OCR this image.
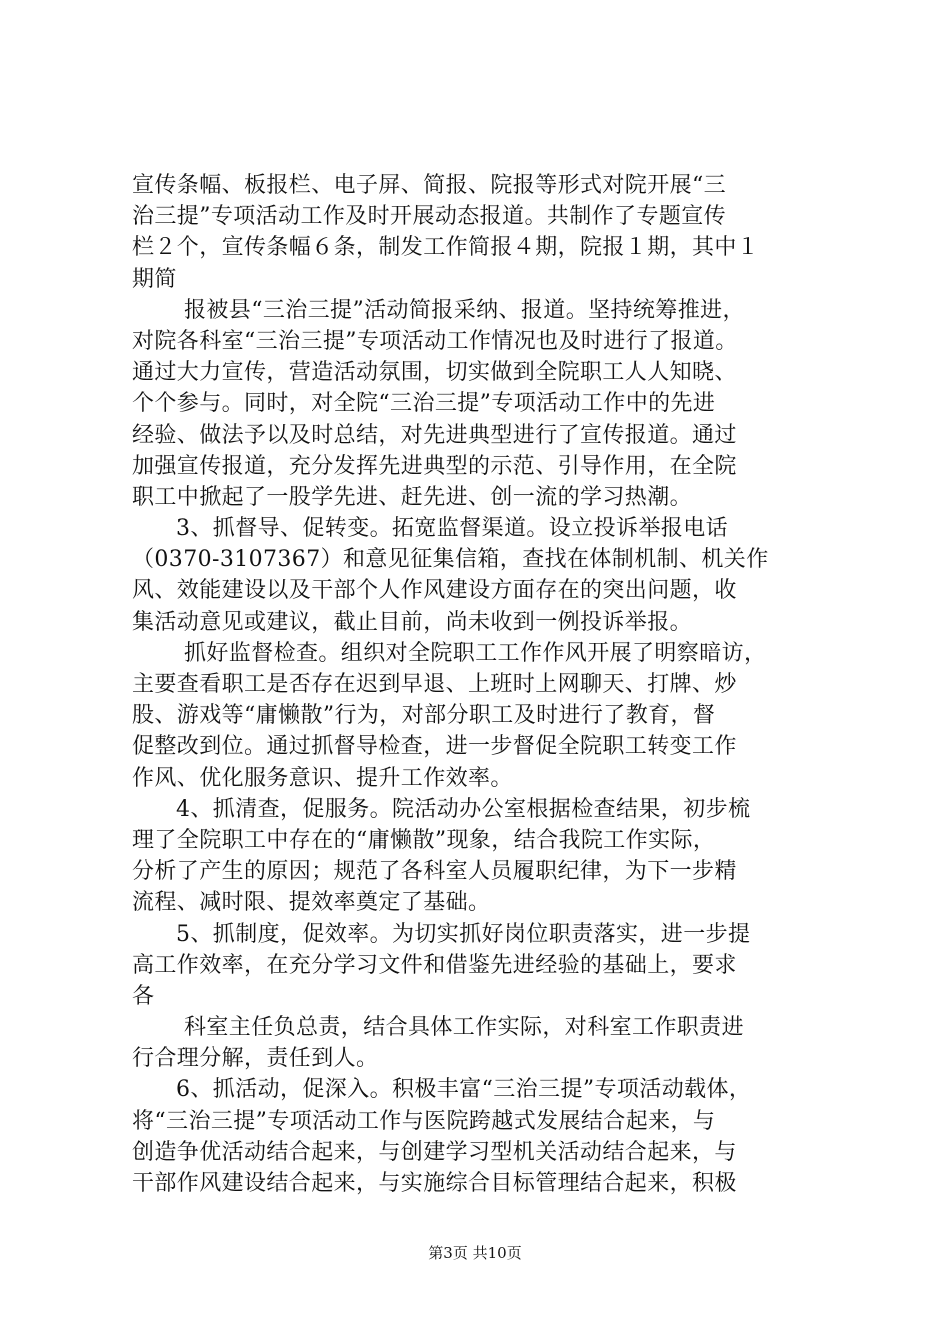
宣传条幅、板报栏、电子屏、简报、院报等形式对院开展“三
治三提”专项活动工作及时开展动态报道。共制作了专题宣传
栏２个，宣传条幅６条，制发工作简报４期，院报１期，其中１
期简
报被县“三治三提”活动简报采纳、报道。坚持统筹推进，
对院各科室“三治三提”专项活动工作情况也及时进行了报道。
通过大力宣传，营造活动氛围，切实做到全院职工人人知晓、
个个参与。同时，对全院“三治三提”专项活动工作中的先进
经验、做法予以及时总结，对先进典型进行了宣传报道。通过
加强宣传报道，充分发挥先进典型的示范、引导作用，在全院
职工中掀起了一股学先进、赶先进、创一流的学习热潮。
3、抓督导、促转变。拓宽监督渠道。设立投诉举报电话
（0370-3107367）和意见征集信箱，查找在体制机制、机关作
风、效能建设以及干部个人作风建设方面存在的突出问题，收
集活动意见或建议，截止目前，尚未收到一例投诉举报。
抓好监督检查。组织对全院职工工作作风开展了明察暗访，
主要查看职工是否存在迟到早退、上班时上网聊天、打牌、炒
股、游戏等“庸懒散”行为，对部分职工及时进行了教育，督
促整改到位。通过抓督导检查，进一步督促全院职工转变工作
作风、优化服务意识、提升工作效率。
4、抓清查，促服务。院活动办公室根据检查结果，初步梳
理了全院职工中存在的“庸懒散”现象，结合我院工作实际，
分析了产生的原因；规范了各科室人员履职纪律，为下一步精
流程、减时限、提效率奠定了基础。
5、抓制度，促效率。为切实抓好岗位职责落实，进一步提
高工作效率，在充分学习文件和借鉴先进经验的基础上，要求
各
科室主任负总责，结合具体工作实际，对科室工作职责进
行合理分解，责任到人。
6、抓活动，促深入。积极丰富“三治三提”专项活动载体，
将“三治三提”专项活动工作与医院跨越式发展结合起来，与
创造争优活动结合起来，与创建学习型机关活动结合起来，与
干部作风建设结合起来，与实施综合目标管理结合起来，积极
第3页 共10页
